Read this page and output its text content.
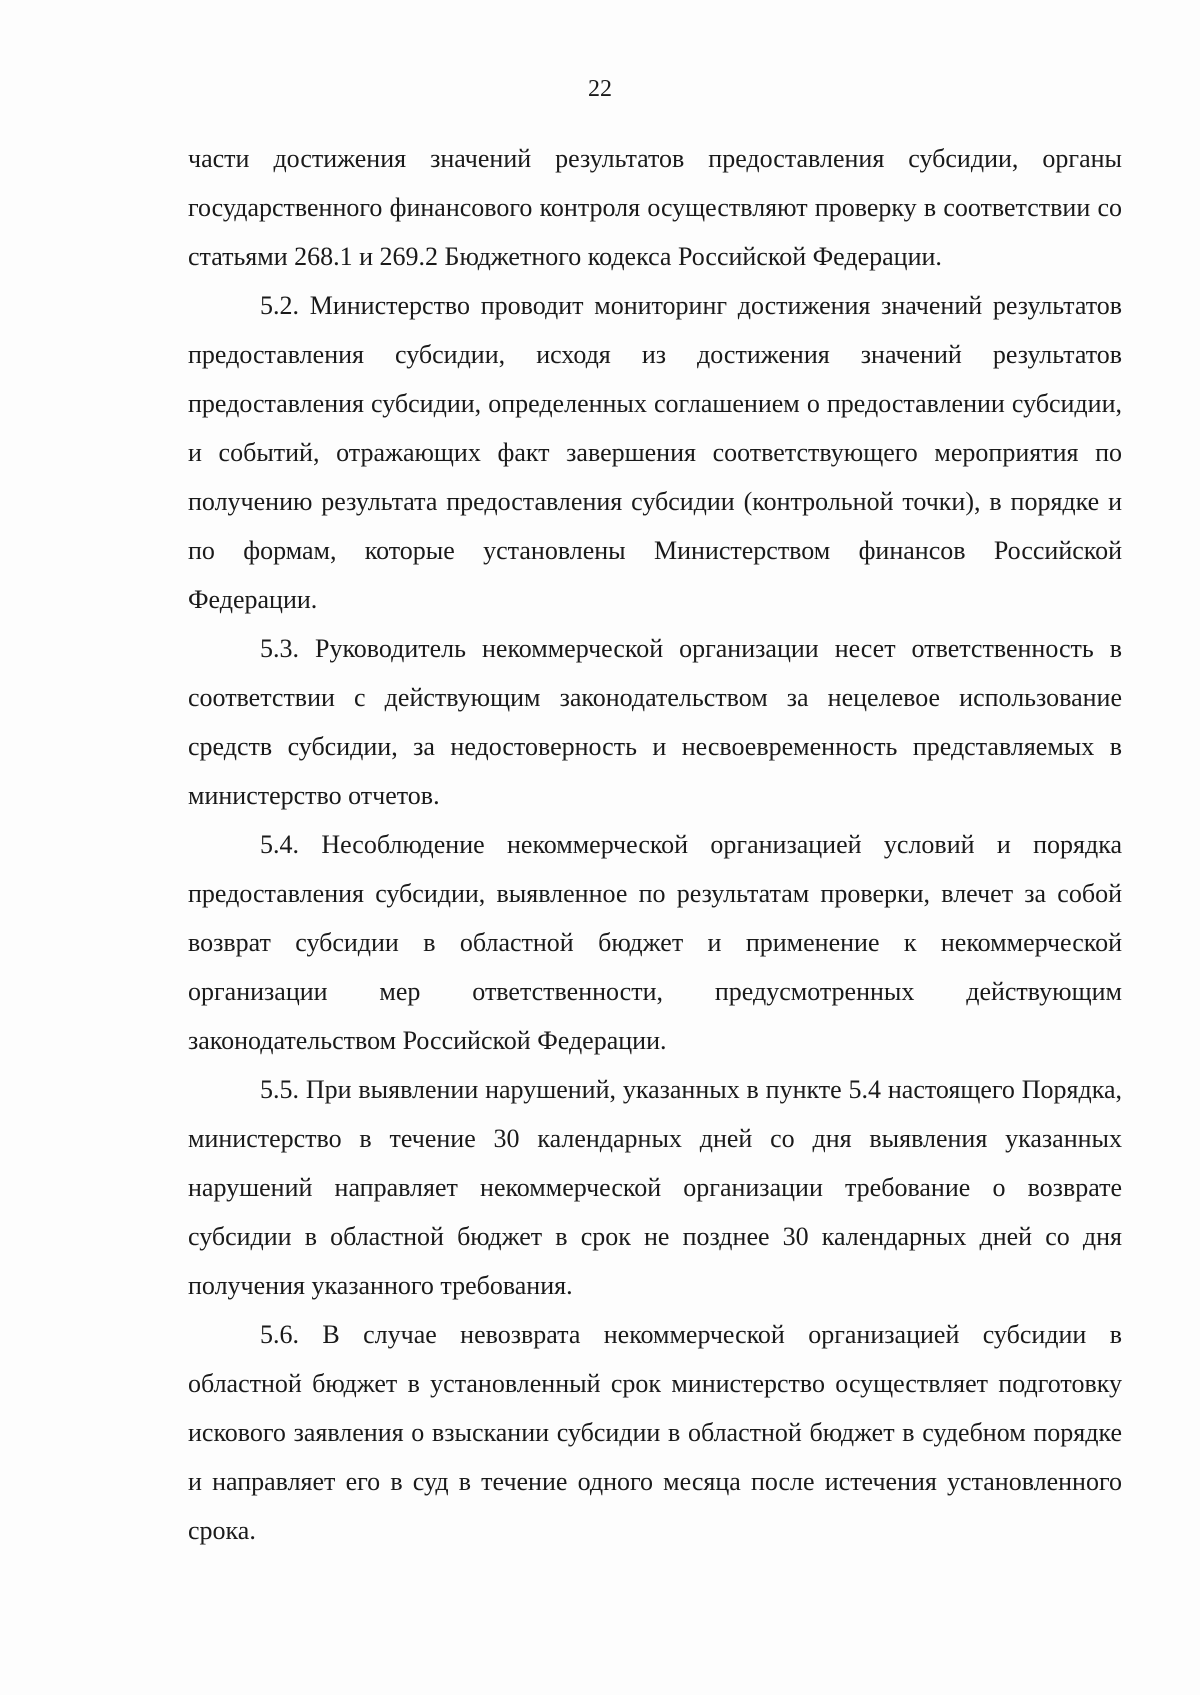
22

части достижения значений результатов предоставления субсидии, органы государственного финансового контроля осуществляют проверку в соответствии со статьями 268.1 и 269.2 Бюджетного кодекса Российской Федерации.

5.2. Министерство проводит мониторинг достижения значений результатов предоставления субсидии, исходя из достижения значений результатов предоставления субсидии, определенных соглашением о предоставлении субсидии, и событий, отражающих факт завершения соответствующего мероприятия по получению результата предоставления субсидии (контрольной точки), в порядке и по формам, которые установлены Министерством финансов Российской Федерации.

5.3. Руководитель некоммерческой организации несет ответственность в соответствии с действующим законодательством за нецелевое использование средств субсидии, за недостоверность и несвоевременность представляемых в министерство отчетов.

5.4. Несоблюдение некоммерческой организацией условий и порядка предоставления субсидии, выявленное по результатам проверки, влечет за собой возврат субсидии в областной бюджет и применение к некоммерческой организации мер ответственности, предусмотренных действующим законодательством Российской Федерации.

5.5. При выявлении нарушений, указанных в пункте 5.4 настоящего Порядка, министерство в течение 30 календарных дней со дня выявления указанных нарушений направляет некоммерческой организации требование о возврате субсидии в областной бюджет в срок не позднее 30 календарных дней со дня получения указанного требования.

5.6. В случае невозврата некоммерческой организацией субсидии в областной бюджет в установленный срок министерство осуществляет подготовку искового заявления о взыскании субсидии в областной бюджет в судебном порядке и направляет его в суд в течение одного месяца после истечения установленного срока.
